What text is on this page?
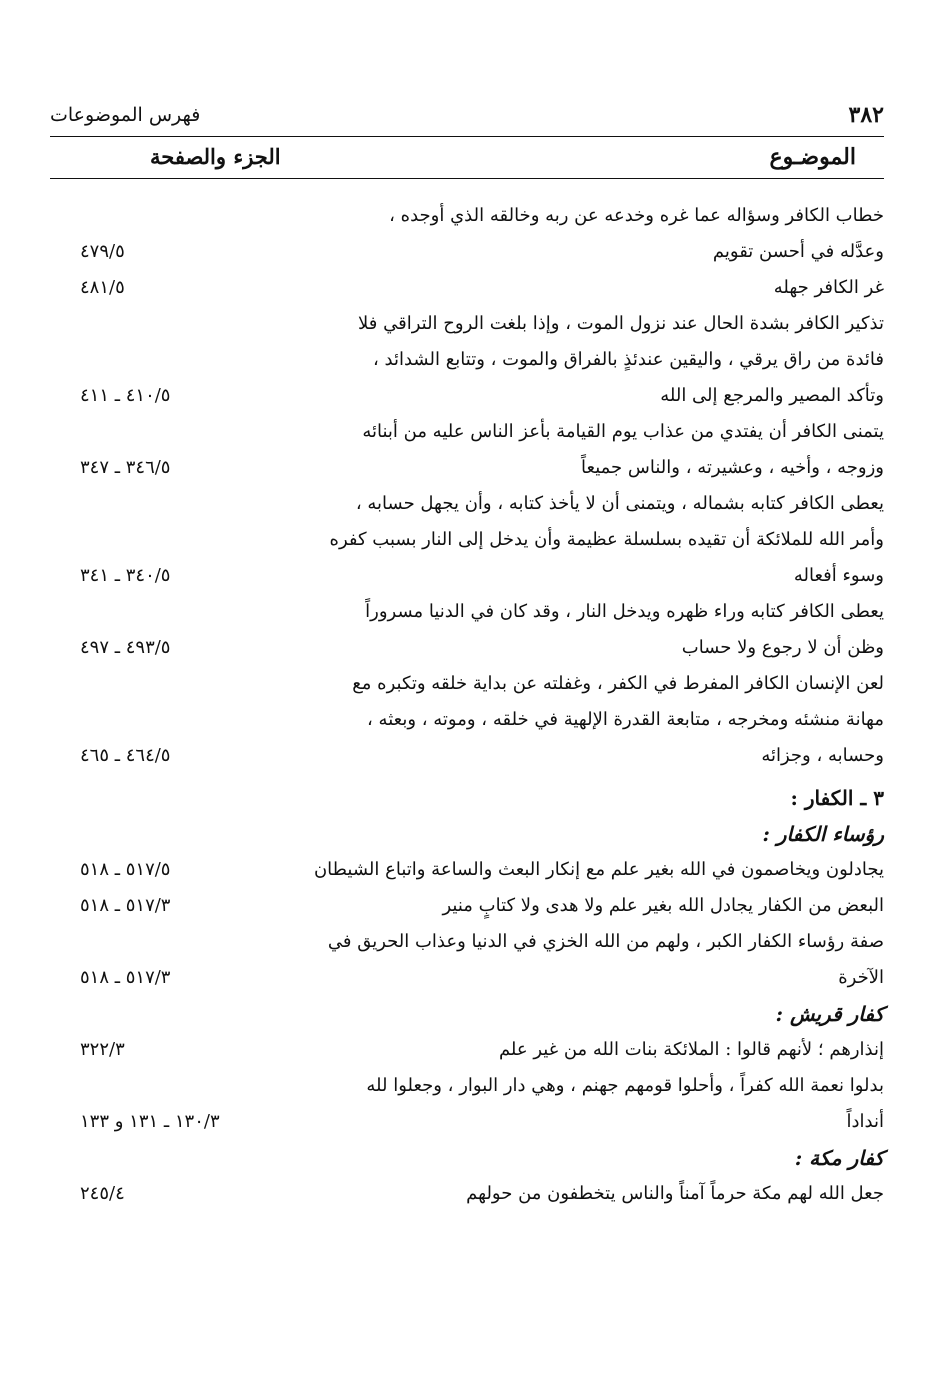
٣٨٢
فهرس الموضوعات
الموضـوع
الجزء والصفحة
خطاب الكافر وسؤاله عما غره وخدعه عن ربه وخالقه الذي أوجده ،
وعدَّله في أحسن تقويم
٤٧٩/٥
غر الكافر جهله
٤٨١/٥
تذكير الكافر بشدة الحال عند نزول الموت ، وإذا بلغت الروح التراقي فلا
فائدة من راق يرقي ، واليقين عندئذٍ بالفراق والموت ، وتتابع الشدائد ،
وتأكد المصير والمرجع إلى الله
٤١٠/٥ ـ ٤١١
يتمنى الكافر أن يفتدي من عذاب يوم القيامة بأعز الناس عليه من أبنائه
وزوجه ، وأخيه ، وعشيرته ، والناس جميعاً
٣٤٦/٥ ـ ٣٤٧
يعطى الكافر كتابه بشماله ، ويتمنى أن لا يأخذ كتابه ، وأن يجهل حسابه ،
وأمر الله للملائكة أن تقيده بسلسلة عظيمة وأن يدخل إلى النار بسبب كفره
وسوء أفعاله
٣٤٠/٥ ـ ٣٤١
يعطى الكافر كتابه وراء ظهره ويدخل النار ، وقد كان في الدنيا مسروراً
وظن أن لا رجوع ولا حساب
٤٩٣/٥ ـ ٤٩٧
لعن الإنسان الكافر المفرط في الكفر ، وغفلته عن بداية خلقه وتكبره مع
مهانة منشئه ومخرجه ، متابعة القدرة الإلهية في خلقه ، وموته ، وبعثه ،
وحسابه ، وجزائه
٤٦٤/٥ ـ ٤٦٥
٣ ـ الكفار :
رؤساء الكفار :
يجادلون ويخاصمون في الله بغير علم مع إنكار البعث والساعة واتباع الشيطان
٥١٧/٥ ـ ٥١٨
البعض من الكفار يجادل الله بغير علم ولا هدى ولا كتابٍ منير
٥١٧/٣ ـ ٥١٨
صفة رؤساء الكفار الكبر ، ولهم من الله الخزي في الدنيا وعذاب الحريق في
الآخرة
٥١٧/٣ ـ ٥١٨
كفار قريش :
إنذارهم ؛ لأنهم قالوا : الملائكة بنات الله من غير علم
٣٢٢/٣
بدلوا نعمة الله كفراً ، وأحلوا قومهم جهنم ، وهي دار البوار ، وجعلوا لله
أنداداً
١٣٠/٣ ـ ١٣١ و ١٣٣
كفار مكة :
جعل الله لهم مكة حرماً آمناً والناس يتخطفون من حولهم
٢٤٥/٤
